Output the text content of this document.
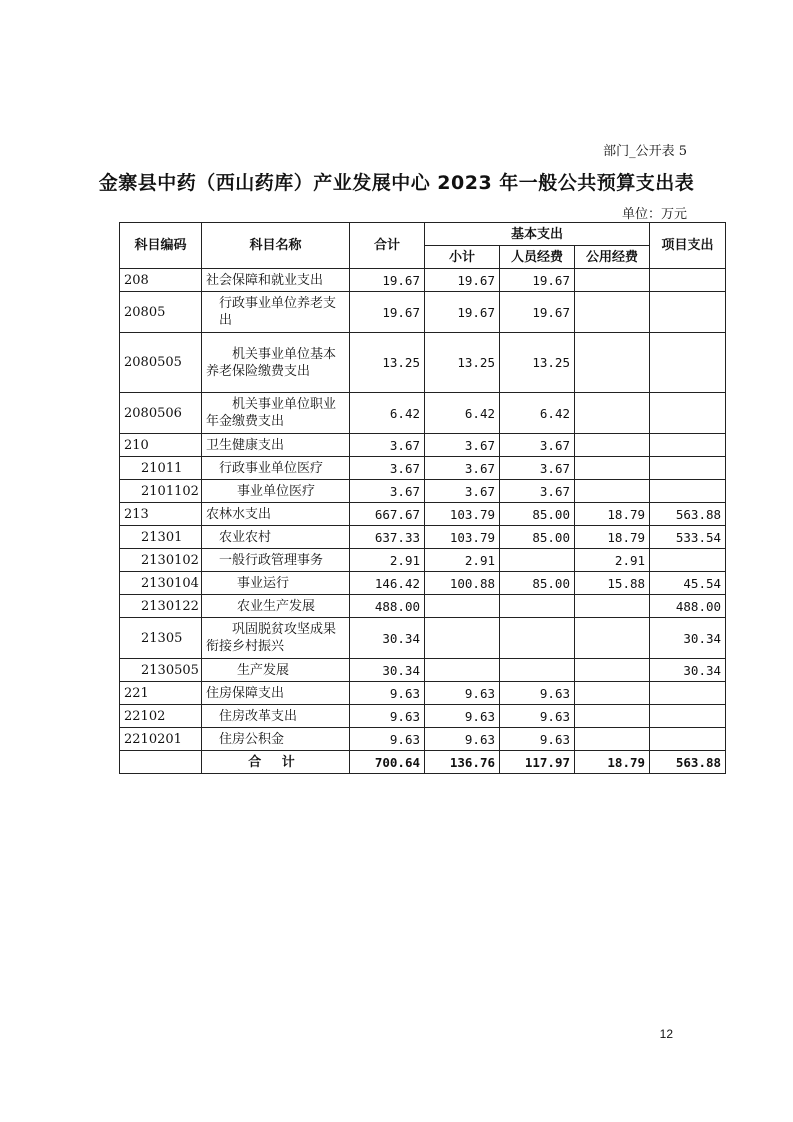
部门_公开表 5
金寨县中药（西山药库）产业发展中心 2023 年一般公共预算支出表
单位：万元
科目编码	科目名称	合计	基本支出			项目支出
			小计	人员经费	公用经费	
208	社会保障和就业支出	19.67	19.67	19.67		
20805	行政事业单位养老支出	19.67	19.67	19.67		
2080505	机关事业单位基本养老保险缴费支出	13.25	13.25	13.25		
2080506	机关事业单位职业年金缴费支出	6.42	6.42	6.42		
210	卫生健康支出	3.67	3.67	3.67		
21011	行政事业单位医疗	3.67	3.67	3.67		
2101102	事业单位医疗	3.67	3.67	3.67		
213	农林水支出	667.67	103.79	85.00	18.79	563.88
21301	农业农村	637.33	103.79	85.00	18.79	533.54
2130102	一般行政管理事务	2.91	2.91		2.91	
2130104	事业运行	146.42	100.88	85.00	15.88	45.54
2130122	农业生产发展	488.00				488.00
21305	巩固脱贫攻坚成果衔接乡村振兴	30.34				30.34
2130505	生产发展	30.34				30.34
221	住房保障支出	9.63	9.63	9.63		
22102	住房改革支出	9.63	9.63	9.63		
2210201	住房公积金	9.63	9.63	9.63		
	合 计	700.64	136.76	117.97	18.79	563.88
12
